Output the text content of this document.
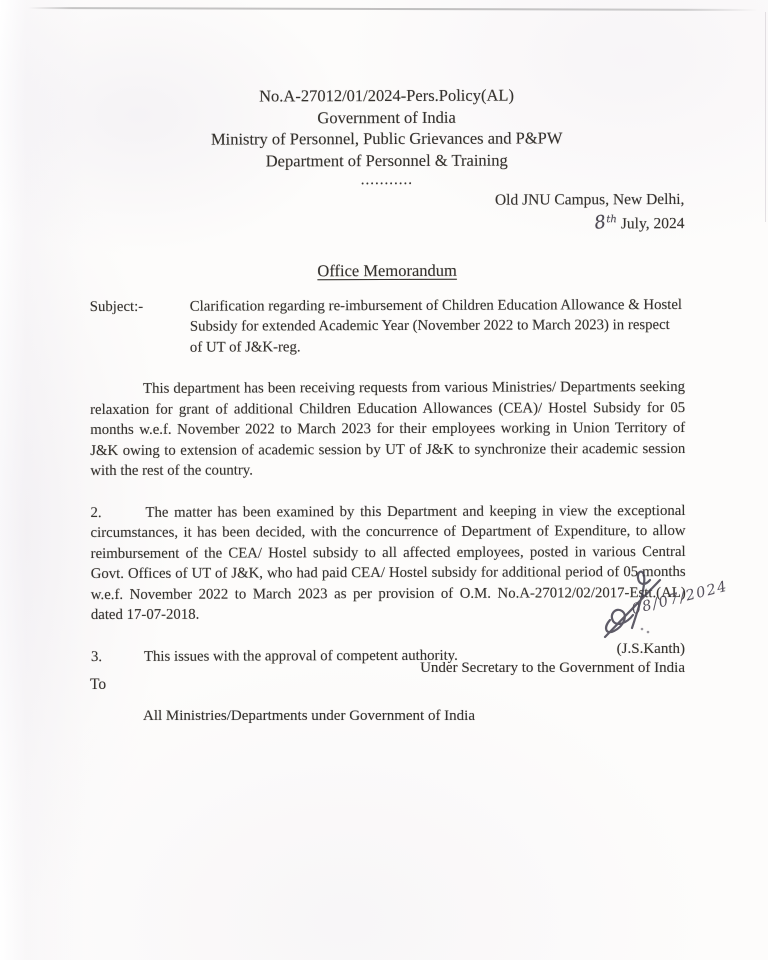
No.A-27012/01/2024-Pers.Policy(AL)
Government of India
Ministry of Personnel, Public Grievances and P&PW
Department of Personnel & Training
...........
Old JNU Campus, New Delhi,
8th July, 2024
Office Memorandum
Subject:-	Clarification regarding re-imbursement of Children Education Allowance & Hostel Subsidy for extended Academic Year (November 2022 to March 2023) in respect of UT of J&K-reg.

This department has been receiving requests from various Ministries/ Departments seeking relaxation for grant of additional Children Education Allowances (CEA)/ Hostel Subsidy for 05 months w.e.f. November 2022 to March 2023 for their employees working in Union Territory of J&K owing to extension of academic session by UT of J&K to synchronize their academic session with the rest of the country.

2.	The matter has been examined by this Department and keeping in view the exceptional circumstances, it has been decided, with the concurrence of Department of Expenditure, to allow reimbursement of the CEA/ Hostel subsidy to all affected employees, posted in various Central Govt. Offices of UT of J&K, who had paid CEA/ Hostel subsidy for additional period of 05 months w.e.f. November 2022 to March 2023 as per provision of O.M. No.A-27012/02/2017-Estt.(AL) dated 17-07-2018.

3.	This issues with the approval of competent authority.

08/07/2024
(J.S.Kanth)
Under Secretary to the Government of India
To
All Ministries/Departments under Government of India
